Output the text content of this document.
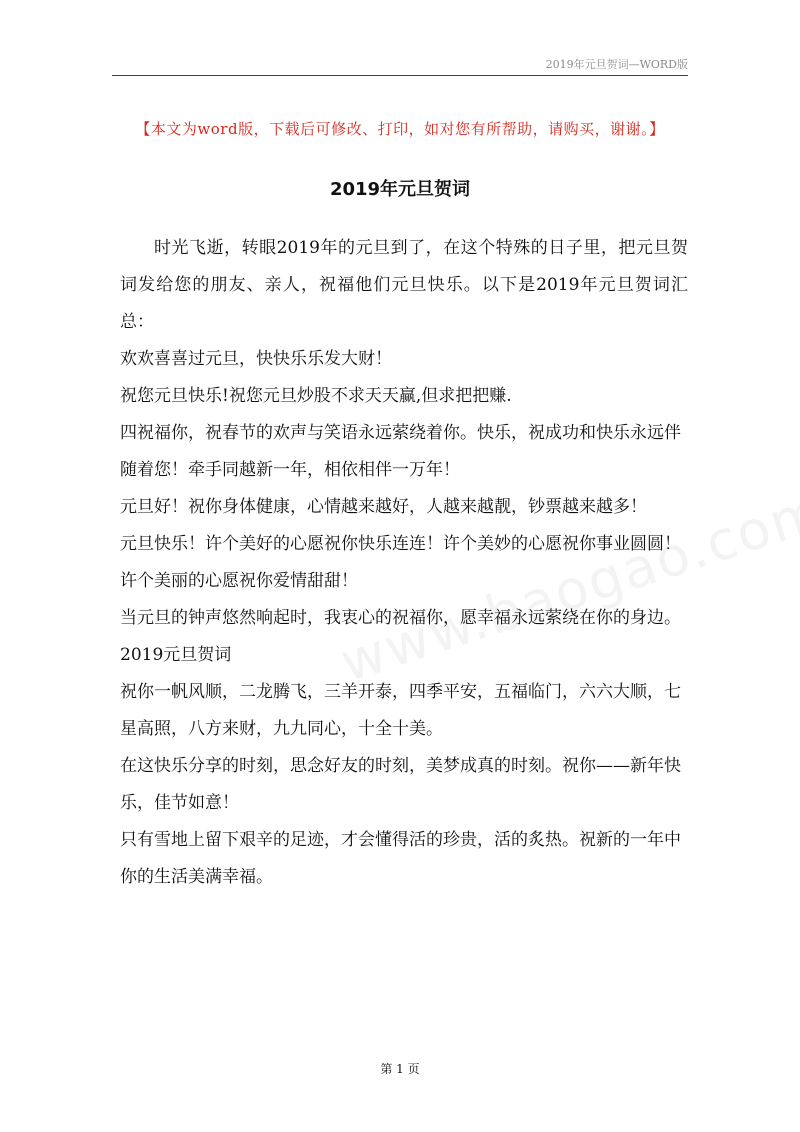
2019年元旦贺词—WORD版
【本文为word版，下载后可修改、打印，如对您有所帮助，请购买，谢谢。】
2019年元旦贺词

时光飞逝，转眼2019年的元旦到了，在这个特殊的日子里，把元旦贺词发给您的朋友、亲人，祝福他们元旦快乐。以下是2019年元旦贺词汇总：

欢欢喜喜过元旦，快快乐乐发大财！

祝您元旦快乐!祝您元旦炒股不求天天赢,但求把把赚.

四祝福你，祝春节的欢声与笑语永远萦绕着你。快乐，祝成功和快乐永远伴随着您！牵手同越新一年，相依相伴一万年！

元旦好！祝你身体健康，心情越来越好，人越来越靓，钞票越来越多！

元旦快乐！许个美好的心愿祝你快乐连连！许个美妙的心愿祝你事业圆圆！许个美丽的心愿祝你爱情甜甜！

当元旦的钟声悠然响起时，我衷心的祝福你，愿幸福永远萦绕在你的身边。

2019元旦贺词

祝你一帆风顺，二龙腾飞，三羊开泰，四季平安，五福临门，六六大顺，七星高照，八方来财，九九同心，十全十美。

在这快乐分享的时刻，思念好友的时刻，美梦成真的时刻。祝你——新年快乐，佳节如意！

只有雪地上留下艰辛的足迹，才会懂得活的珍贵，活的炙热。祝新的一年中你的生活美满幸福。

第 1 页
